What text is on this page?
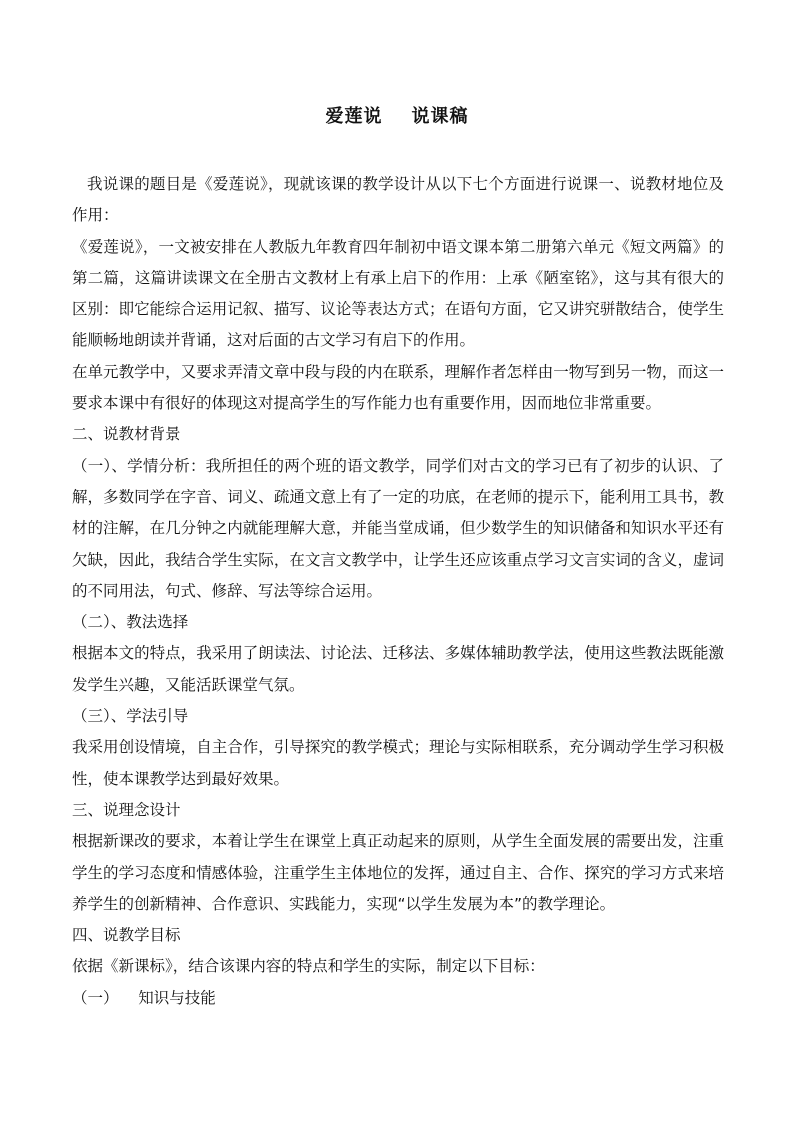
爱莲说    说课稿

我说课的题目是《爱莲说》，现就该课的教学设计从以下七个方面进行说课一、说教材地位及作用：

《爱莲说》，一文被安排在人教版九年教育四年制初中语文课本第二册第六单元《短文两篇》的第二篇，这篇讲读课文在全册古文教材上有承上启下的作用：上承《陋室铭》，这与其有很大的区别：即它能综合运用记叙、描写、议论等表达方式；在语句方面，它又讲究骈散结合，使学生能顺畅地朗读并背诵，这对后面的古文学习有启下的作用。

在单元教学中，又要求弄清文章中段与段的内在联系，理解作者怎样由一物写到另一物，而这一要求本课中有很好的体现这对提高学生的写作能力也有重要作用，因而地位非常重要。

二、说教材背景

（一）、学情分析：我所担任的两个班的语文教学，同学们对古文的学习已有了初步的认识、了解，多数同学在字音、词义、疏通文意上有了一定的功底，在老师的提示下，能利用工具书，教材的注解，在几分钟之内就能理解大意，并能当堂成诵，但少数学生的知识储备和知识水平还有欠缺，因此，我结合学生实际，在文言文教学中，让学生还应该重点学习文言实词的含义，虚词的不同用法，句式、修辞、写法等综合运用。

（二）、教法选择

根据本文的特点，我采用了朗读法、讨论法、迁移法、多媒体辅助教学法，使用这些教法既能激发学生兴趣，又能活跃课堂气氛。

（三）、学法引导

我采用创设情境，自主合作，引导探究的教学模式；理论与实际相联系，充分调动学生学习积极性，使本课教学达到最好效果。

三、说理念设计

根据新课改的要求，本着让学生在课堂上真正动起来的原则，从学生全面发展的需要出发，注重学生的学习态度和情感体验，注重学生主体地位的发挥，通过自主、合作、探究的学习方式来培养学生的创新精神、合作意识、实践能力，实现“以学生发展为本”的教学理论。

四、说教学目标

依据《新课标》，结合该课内容的特点和学生的实际，制定以下目标：

（一）    知识与技能
